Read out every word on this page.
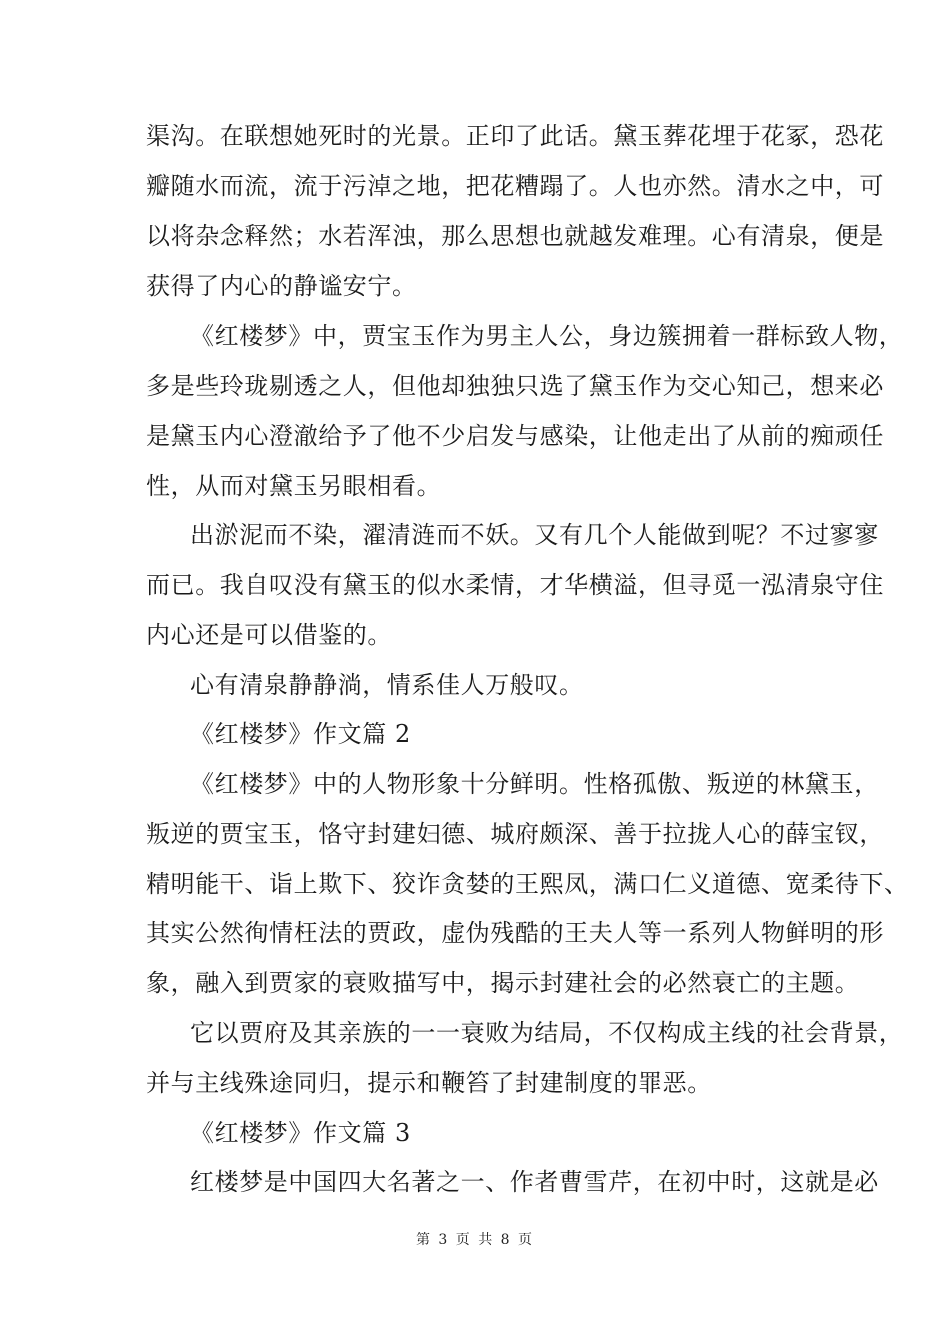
渠沟。在联想她死时的光景。正印了此话。黛玉葬花埋于花冢，恐花
瓣随水而流，流于污淖之地，把花糟蹋了。人也亦然。清水之中，可
以将杂念释然；水若浑浊，那么思想也就越发难理。心有清泉，便是
获得了内心的静谧安宁。
《红楼梦》中，贾宝玉作为男主人公，身边簇拥着一群标致人物，
多是些玲珑剔透之人，但他却独独只选了黛玉作为交心知己，想来必
是黛玉内心澄澈给予了他不少启发与感染，让他走出了从前的痴顽任
性，从而对黛玉另眼相看。
出淤泥而不染，濯清涟而不妖。又有几个人能做到呢？不过寥寥
而已。我自叹没有黛玉的似水柔情，才华横溢，但寻觅一泓清泉守住
内心还是可以借鉴的。
心有清泉静静淌，情系佳人万般叹。
《红楼梦》作文篇 2
《红楼梦》中的人物形象十分鲜明。性格孤傲、叛逆的林黛玉，
叛逆的贾宝玉，恪守封建妇德、城府颇深、善于拉拢人心的薛宝钗，
精明能干、诣上欺下、狡诈贪婪的王熙凤，满口仁义道德、宽柔待下、
其实公然徇情枉法的贾政，虚伪残酷的王夫人等一系列人物鲜明的形
象，融入到贾家的衰败描写中，揭示封建社会的必然衰亡的主题。
它以贾府及其亲族的一一衰败为结局，不仅构成主线的社会背景，
并与主线殊途同归，提示和鞭笞了封建制度的罪恶。
《红楼梦》作文篇 3
红楼梦是中国四大名著之一、作者曹雪芹，在初中时，这就是必
第 3 页 共 8 页
